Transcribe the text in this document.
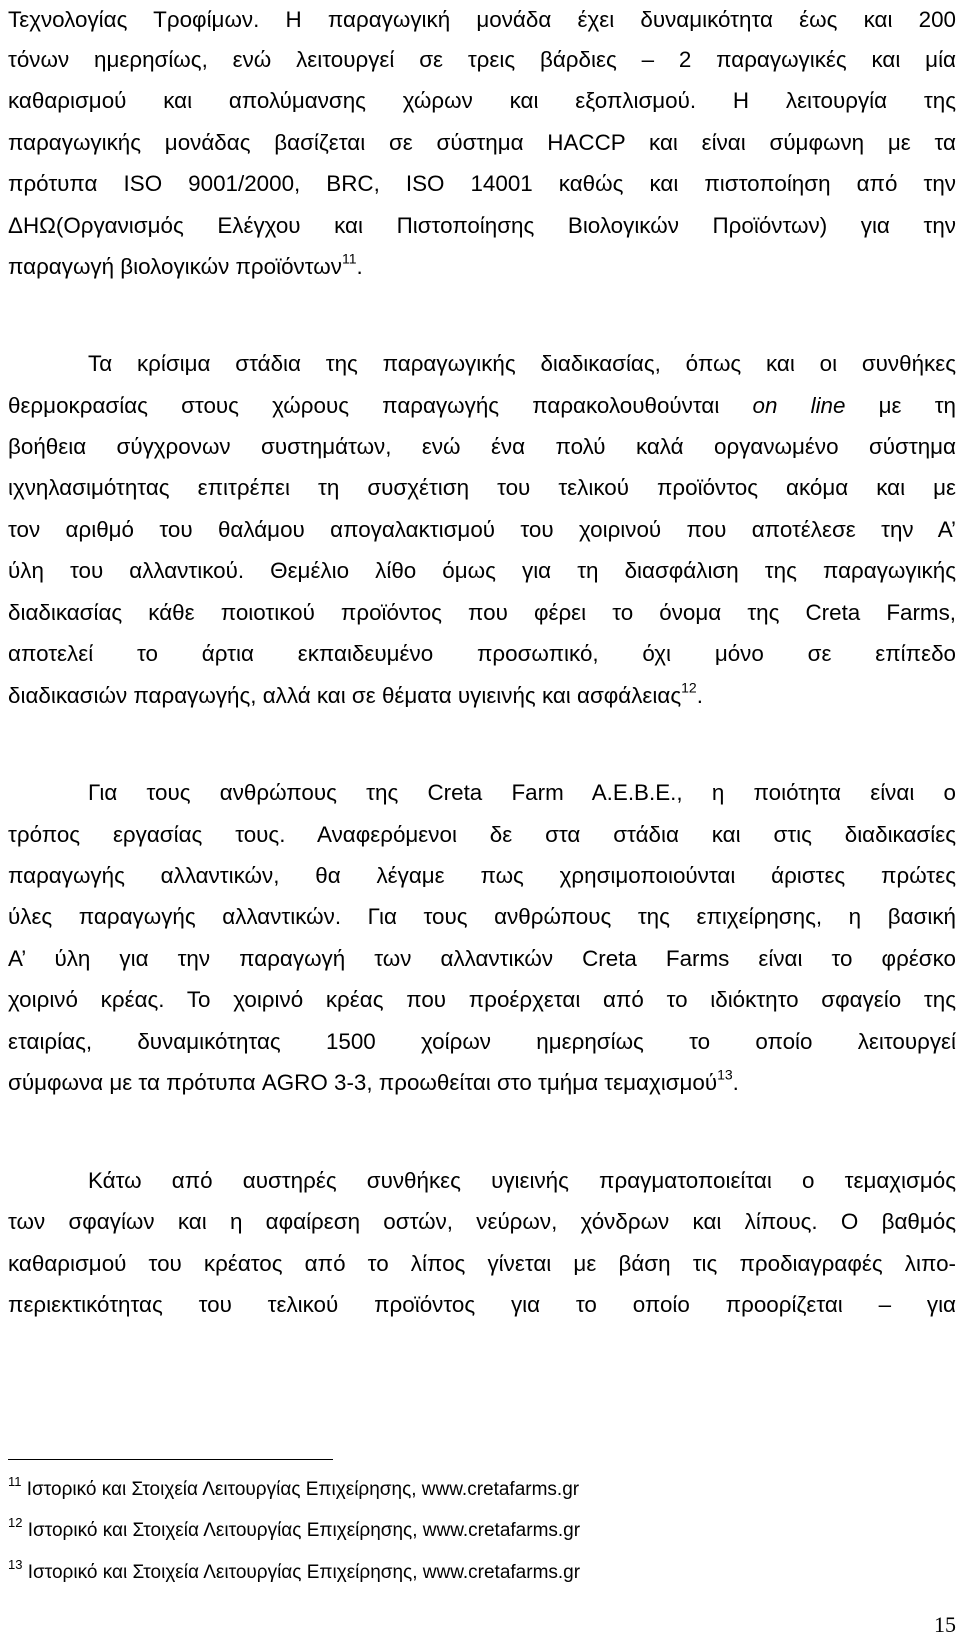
Τεχνολογίας Τροφίμων. Η παραγωγική μονάδα έχει δυναμικότητα έως και 200
τόνων ημερησίως, ενώ λειτουργεί σε τρεις βάρδιες – 2 παραγωγικές και μία
καθαρισμού και απολύμανσης χώρων και εξοπλισμού. Η λειτουργία της
παραγωγικής μονάδας βασίζεται σε σύστημα HACCP και είναι σύμφωνη με τα
πρότυπα ISO 9001/2000, BRC, ISO 14001 καθώς και πιστοποίηση από την
ΔΗΩ(Οργανισμός Ελέγχου και Πιστοποίησης Βιολογικών Προϊόντων) για την
παραγωγή βιολογικών προϊόντων$^{11}$.
Τα κρίσιμα στάδια της παραγωγικής διαδικασίας, όπως και οι συνθήκες
θερμοκρασίας στους χώρους παραγωγής παρακολουθούνται on line με τη
βοήθεια σύγχρονων συστημάτων, ενώ ένα πολύ καλά οργανωμένο σύστημα
ιχνηλασιμότητας επιτρέπει τη συσχέτιση του τελικού προϊόντος ακόμα και με
τον αριθμό του θαλάμου απογαλακτισμού του χοιρινού που αποτέλεσε την Α’
ύλη του αλλαντικού. Θεμέλιο λίθο όμως για τη διασφάλιση της παραγωγικής
διαδικασίας κάθε ποιοτικού προϊόντος που φέρει το όνομα της Creta Farms,
αποτελεί το άρτια εκπαιδευμένο προσωπικό, όχι μόνο σε επίπεδο
διαδικασιών παραγωγής, αλλά και σε θέματα υγιεινής και ασφάλειας$^{12}$.
Για τους ανθρώπους της Creta Farm A.E.B.E., η ποιότητα είναι ο
τρόπος εργασίας τους. Αναφερόμενοι δε στα στάδια και στις διαδικασίες
παραγωγής αλλαντικών, θα λέγαμε πως χρησιμοποιούνται άριστες πρώτες
ύλες παραγωγής αλλαντικών. Για τους ανθρώπους της επιχείρησης, η βασική
Α’ ύλη για την παραγωγή των αλλαντικών Creta Farms είναι το φρέσκο
χοιρινό κρέας. Το χοιρινό κρέας που προέρχεται από το ιδιόκτητο σφαγείο της
εταιρίας, δυναμικότητας 1500 χοίρων ημερησίως το οποίο λειτουργεί
σύμφωνα με τα πρότυπα AGRO 3-3, προωθείται στο τμήμα τεμαχισμού$^{13}$.
Κάτω από αυστηρές συνθήκες υγιεινής πραγματοποιείται ο τεμαχισμός
των σφαγίων και η αφαίρεση οστών, νεύρων, χόνδρων και λίπους. Ο βαθμός
καθαρισμού του κρέατος από το λίπος γίνεται με βάση τις προδιαγραφές λιπο-
περιεκτικότητας του τελικού προϊόντος για το οποίο προορίζεται – για
$^{11}$ Ιστορικό και Στοιχεία Λειτουργίας Επιχείρησης, www.cretafarms.gr
$^{12}$ Ιστορικό και Στοιχεία Λειτουργίας Επιχείρησης, www.cretafarms.gr
$^{13}$ Ιστορικό και Στοιχεία Λειτουργίας Επιχείρησης, www.cretafarms.gr
15
